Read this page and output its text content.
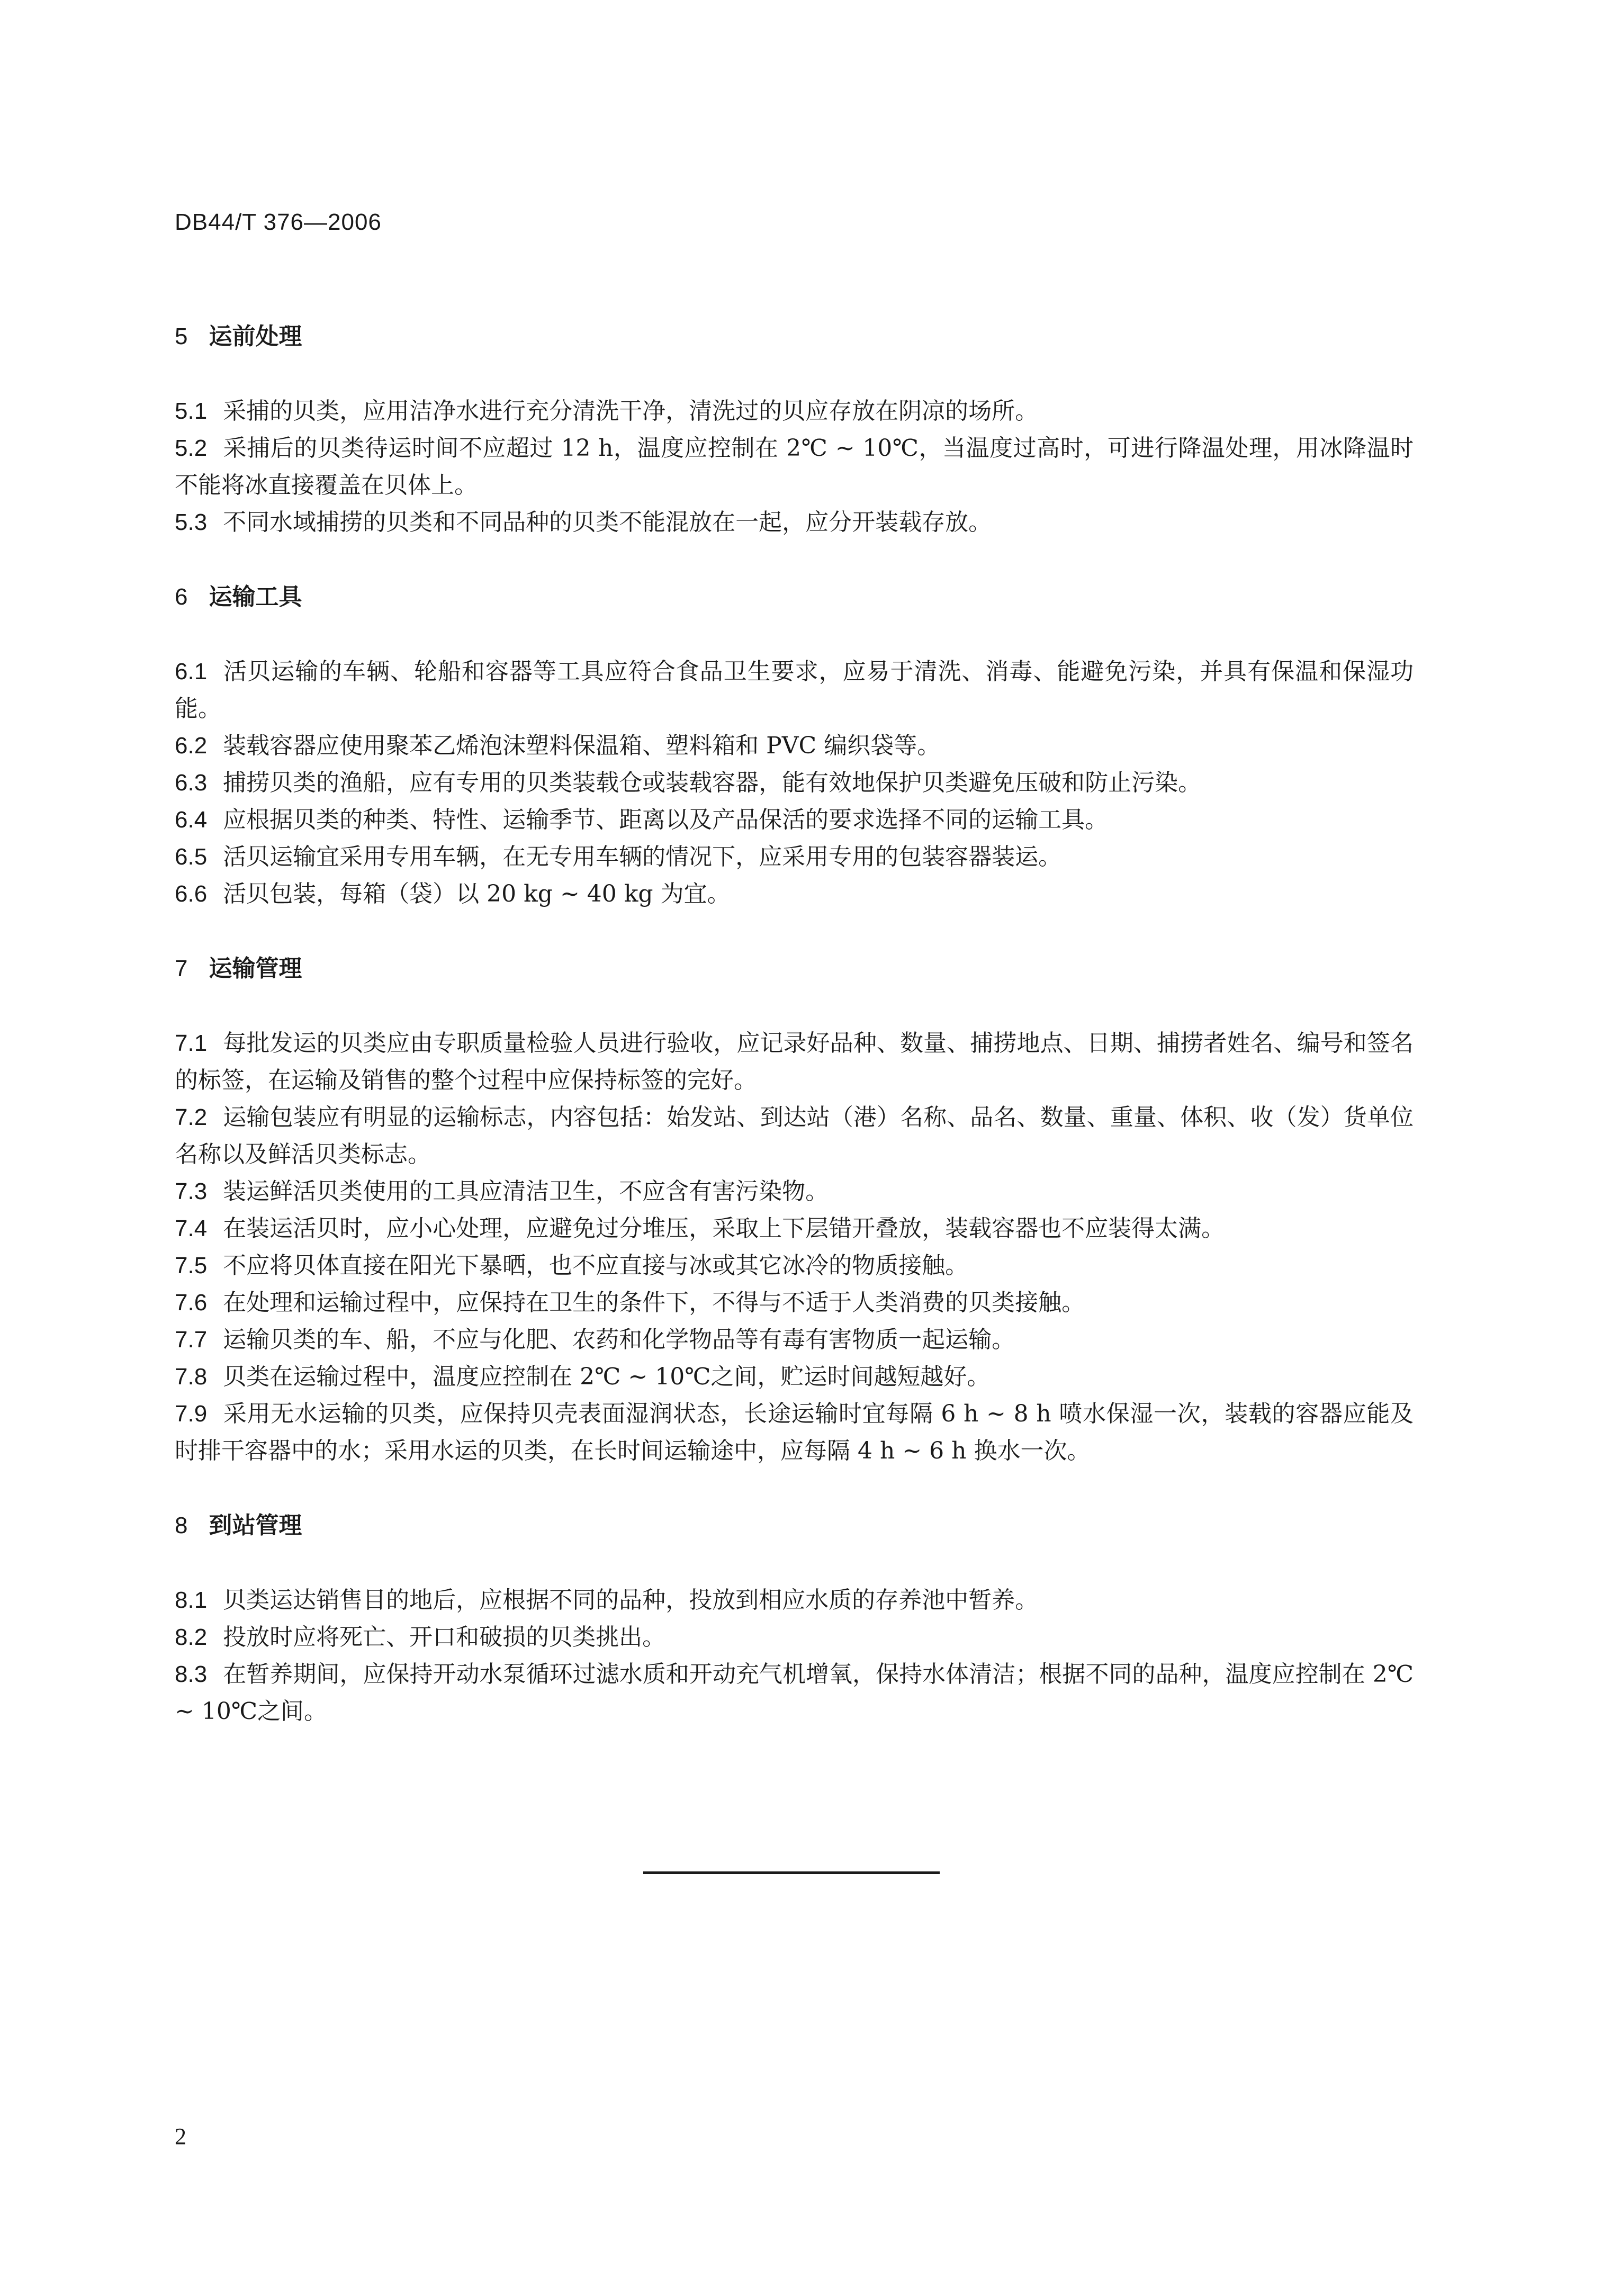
DB44/T 376—2006
5 运前处理

5.1 采捕的贝类，应用洁净水进行充分清洗干净，清洗过的贝应存放在阴凉的场所。

5.2 采捕后的贝类待运时间不应超过 12 h，温度应控制在 2℃ ~ 10℃，当温度过高时，可进行降温处理，用冰降温时不能将冰直接覆盖在贝体上。

5.3 不同水域捕捞的贝类和不同品种的贝类不能混放在一起，应分开装载存放。

6 运输工具

6.1 活贝运输的车辆、轮船和容器等工具应符合食品卫生要求，应易于清洗、消毒、能避免污染，并具有保温和保湿功能。

6.2 装载容器应使用聚苯乙烯泡沫塑料保温箱、塑料箱和 PVC 编织袋等。

6.3 捕捞贝类的渔船，应有专用的贝类装载仓或装载容器，能有效地保护贝类避免压破和防止污染。

6.4 应根据贝类的种类、特性、运输季节、距离以及产品保活的要求选择不同的运输工具。

6.5 活贝运输宜采用专用车辆，在无专用车辆的情况下，应采用专用的包装容器装运。

6.6 活贝包装，每箱（袋）以 20 kg ~ 40 kg 为宜。

7 运输管理

7.1 每批发运的贝类应由专职质量检验人员进行验收，应记录好品种、数量、捕捞地点、日期、捕捞者姓名、编号和签名的标签，在运输及销售的整个过程中应保持标签的完好。

7.2 运输包装应有明显的运输标志，内容包括：始发站、到达站（港）名称、品名、数量、重量、体积、收（发）货单位名称以及鲜活贝类标志。

7.3 装运鲜活贝类使用的工具应清洁卫生，不应含有害污染物。

7.4 在装运活贝时，应小心处理，应避免过分堆压，采取上下层错开叠放，装载容器也不应装得太满。

7.5 不应将贝体直接在阳光下暴晒，也不应直接与冰或其它冰冷的物质接触。

7.6 在处理和运输过程中，应保持在卫生的条件下，不得与不适于人类消费的贝类接触。

7.7 运输贝类的车、船，不应与化肥、农药和化学物品等有毒有害物质一起运输。

7.8 贝类在运输过程中，温度应控制在 2℃ ~ 10℃之间，贮运时间越短越好。

7.9 采用无水运输的贝类，应保持贝壳表面湿润状态，长途运输时宜每隔 6 h ~ 8 h 喷水保湿一次，装载的容器应能及时排干容器中的水；采用水运的贝类，在长时间运输途中，应每隔 4 h ~ 6 h 换水一次。

8 到站管理

8.1 贝类运达销售目的地后，应根据不同的品种，投放到相应水质的存养池中暂养。

8.2 投放时应将死亡、开口和破损的贝类挑出。

8.3 在暂养期间，应保持开动水泵循环过滤水质和开动充气机增氧，保持水体清洁；根据不同的品种，温度应控制在 2℃ ~ 10℃之间。

2
